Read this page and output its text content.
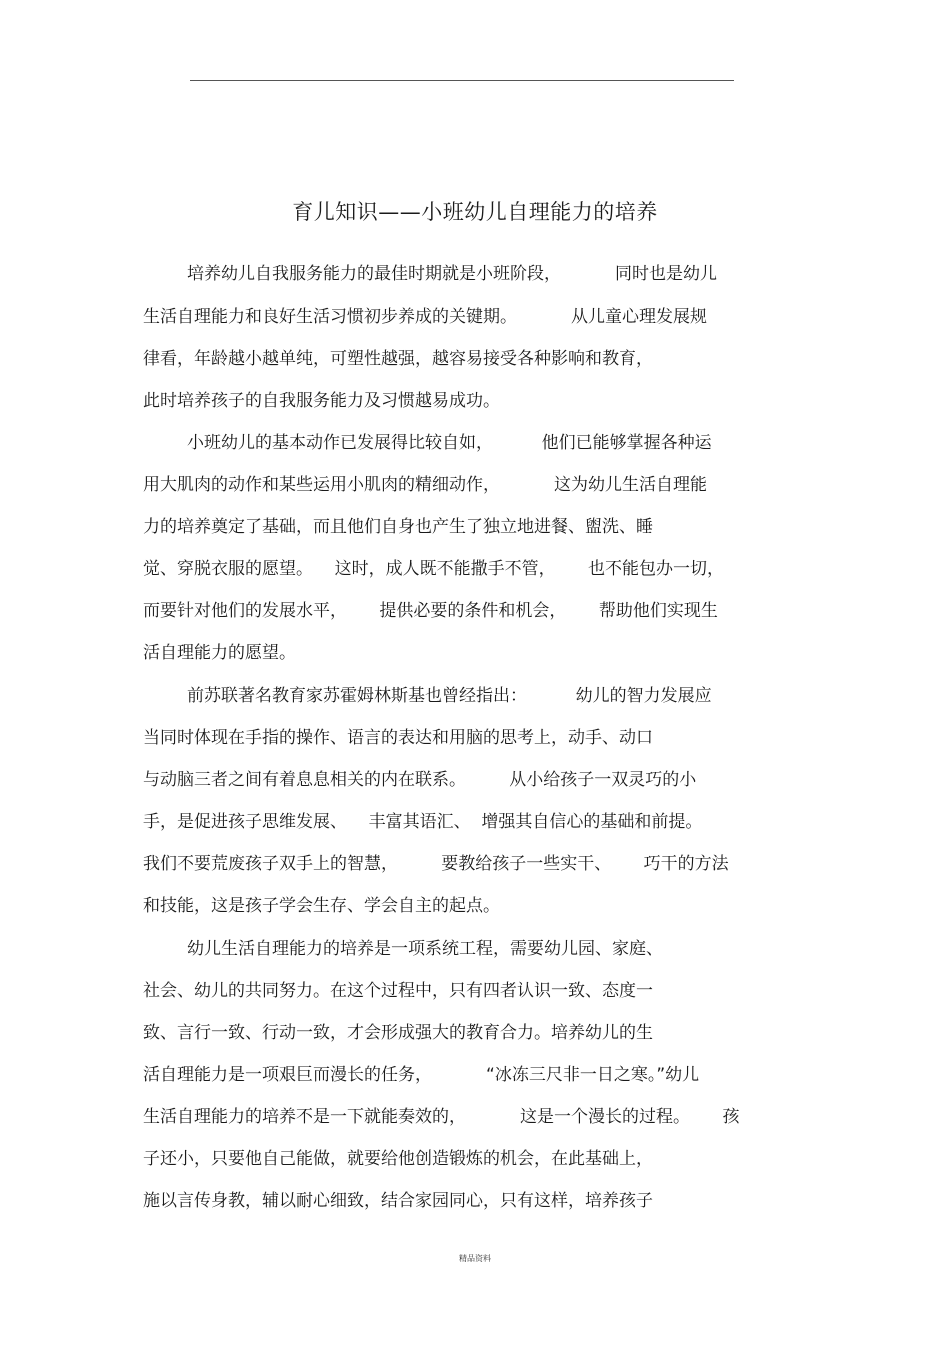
育儿知识——小班幼儿自理能力的培养

培养幼儿自我服务能力的最佳时期就是小班阶段，          同时也是幼儿

生活自理能力和良好生活习惯初步养成的关键期。          从儿童心理发展规

律看，年龄越小越单纯，可塑性越强，越容易接受各种影响和教育，

此时培养孩子的自我服务能力及习惯越易成功。

小班幼儿的基本动作已发展得比较自如，         他们已能够掌握各种运

用大肌肉的动作和某些运用小肌肉的精细动作，          这为幼儿生活自理能

力的培养奠定了基础，而且他们自身也产生了独立地进餐、盥洗、睡

觉、穿脱衣服的愿望。    这时，成人既不能撒手不管，      也不能包办一切，

而要针对他们的发展水平，      提供必要的条件和机会，      帮助他们实现生

活自理能力的愿望。

前苏联著名教育家苏霍姆林斯基也曾经指出：         幼儿的智力发展应

当同时体现在手指的操作、语言的表达和用脑的思考上，动手、动口

与动脑三者之间有着息息相关的内在联系。        从小给孩子一双灵巧的小

手，是促进孩子思维发展、    丰富其语汇、  增强其自信心的基础和前提。

我们不要荒废孩子双手上的智慧，        要教给孩子一些实干、      巧干的方法

和技能，这是孩子学会生存、学会自主的起点。

幼儿生活自理能力的培养是一项系统工程，需要幼儿园、家庭、

社会、幼儿的共同努力。在这个过程中，只有四者认识一致、态度一

致、言行一致、行动一致，才会形成强大的教育合力。培养幼儿的生

活自理能力是一项艰巨而漫长的任务，          “冰冻三尺非一日之寒。”幼儿

生活自理能力的培养不是一下就能奏效的，          这是一个漫长的过程。      孩

子还小，只要他自己能做，就要给他创造锻炼的机会，在此基础上，

施以言传身教，辅以耐心细致，结合家园同心，只有这样，培养孩子

精品资料
